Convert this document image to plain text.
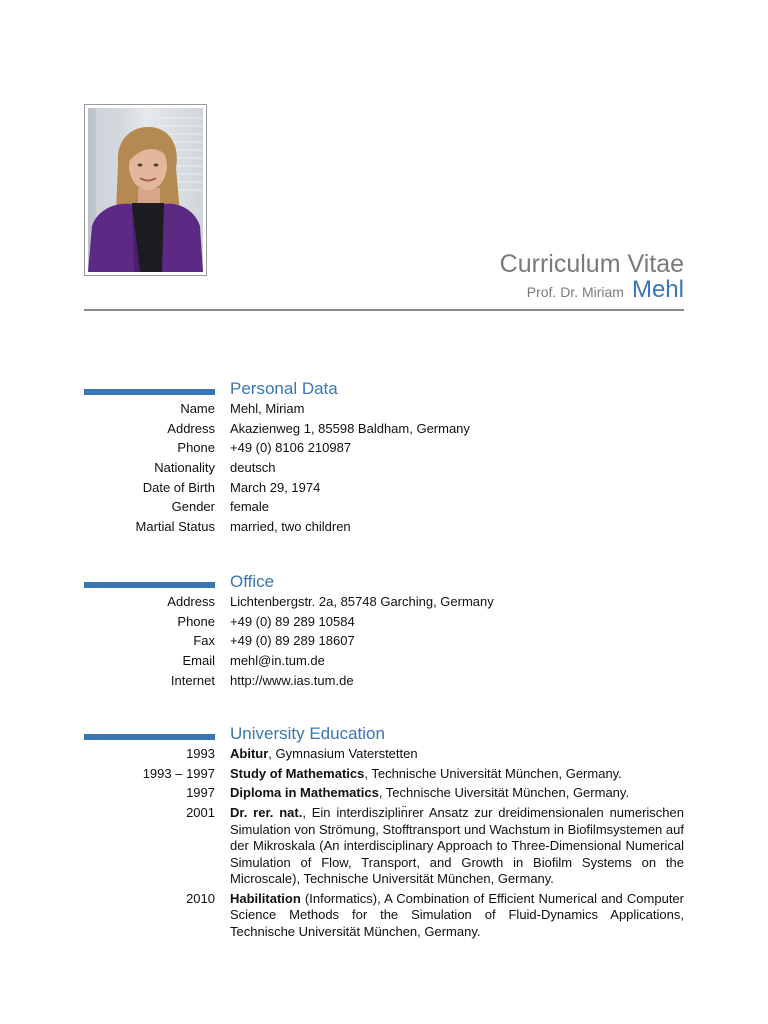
Curriculum Vitae
Prof. Dr. Miriam Mehl
Personal Data
Name Mehl, Miriam
Address Akazienweg 1, 85598 Baldham, Germany
Phone +49 (0) 8106 210987
Nationality deutsch
Date of Birth March 29, 1974
Gender female
Martial Status married, two children
Office
Address Lichtenbergstr. 2a, 85748 Garching, Germany
Phone +49 (0) 89 289 10584
Fax +49 (0) 89 289 18607
Email mehl@in.tum.de
Internet http://www.ias.tum.de
University Education
1993 Abitur, Gymnasium Vaterstetten
1993 – 1997 Study of Mathematics, Technische Universität München, Germany.
1997 Diploma in Mathematics, Technische Uiversität München, Germany.
2001 Dr. rer. nat., Ein interdisziplin̈rer Ansatz zur dreidimensionalen numerischen Simulation von Strömung, Stofftransport und Wachstum in Biofilmsystemen auf der Mikroskala (An interdisciplinary Approach to Three-Dimensional Numerical Simulation of Flow, Transport, and Growth in Biofilm Systems on the Microscale), Technische Universität München, Germany.
2010 Habilitation (Informatics), A Combination of Efficient Numerical and Computer Science Methods for the Simulation of Fluid-Dynamics Applications, Technische Universität München, Germany.
